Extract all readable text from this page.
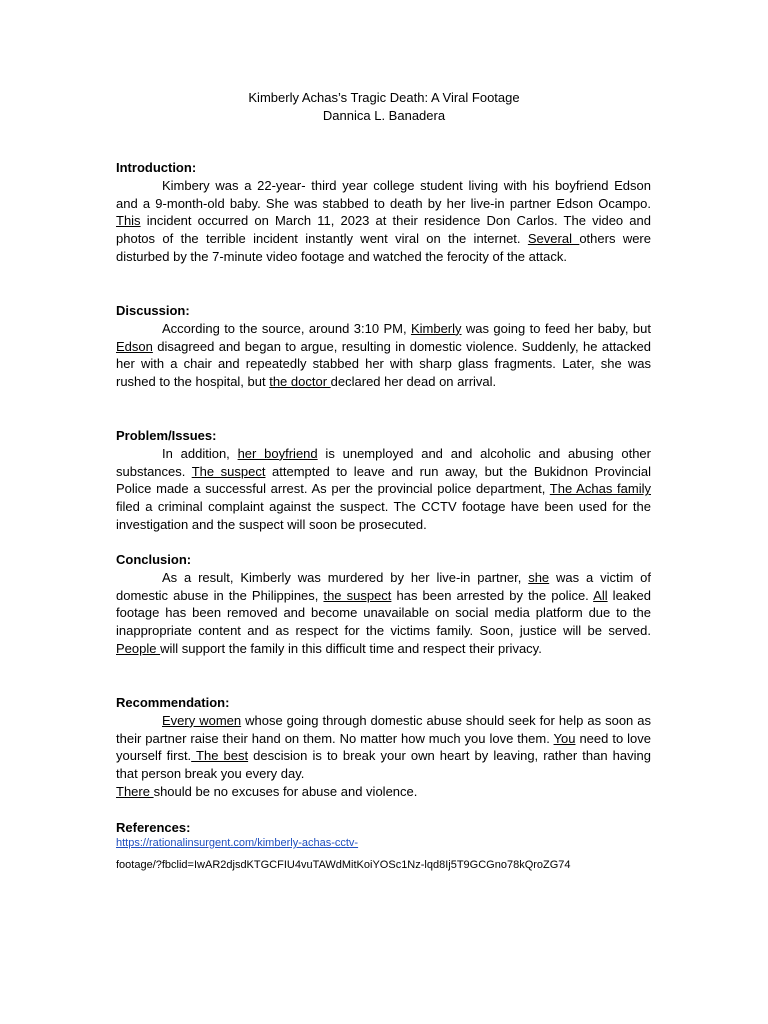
Kimberly Achas’s Tragic Death: A Viral Footage
Dannica L. Banadera
Introduction:
Kimbery was a 22-year- third year college student living with his boyfriend Edson and a 9-month-old baby. She was stabbed to death by her live-in partner Edson Ocampo. This incident occurred on March 11, 2023 at their residence Don Carlos. The video and photos of the terrible incident instantly went viral on the internet. Several others were disturbed by the 7-minute video footage and watched the ferocity of the attack.
Discussion:
According to the source, around 3:10 PM, Kimberly was going to feed her baby, but Edson disagreed and began to argue, resulting in domestic violence. Suddenly, he attacked her with a chair and repeatedly stabbed her with sharp glass fragments. Later, she was rushed to the hospital, but the doctor declared her dead on arrival.
Problem/Issues:
In addition, her boyfriend is unemployed and and alcoholic and abusing other substances. The suspect attempted to leave and run away, but the Bukidnon Provincial Police made a successful arrest. As per the provincial police department, The Achas family filed a criminal complaint against the suspect. The CCTV footage have been used for the investigation and the suspect will soon be prosecuted.
Conclusion:
As a result, Kimberly was murdered by her live-in partner, she was a victim of domestic abuse in the Philippines, the suspect has been arrested by the police. All leaked footage has been removed and become unavailable on social media platform due to the inappropriate content and as respect for the victims family. Soon, justice will be served. People will support the family in this difficult time and respect their privacy.
Recommendation:
Every women whose going through domestic abuse should seek for help as soon as their partner raise their hand on them. No matter how much you love them. You need to love yourself first. The best descision is to break your own heart by leaving, rather than having that person break you every day.
There should be no excuses for abuse and violence.
References:
https://rationalinsurgent.com/kimberly-achas-cctv-
footage/?fbclid=IwAR2djsdKTGCFIU4vuTAWdMitKoiYOSc1Nz-lqd8Ij5T9GCGno78kQroZG74
